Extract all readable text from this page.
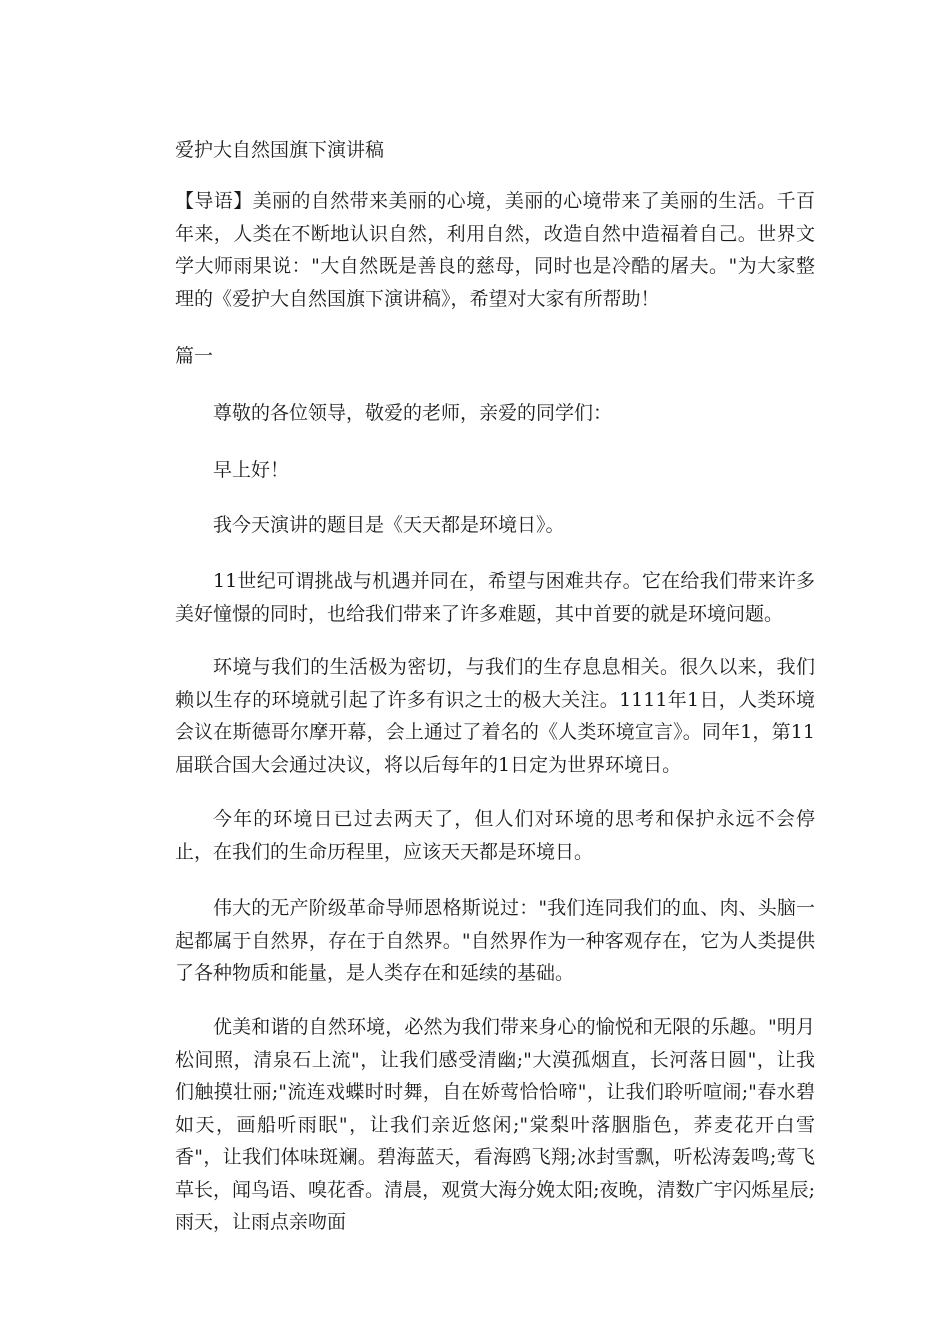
爱护大自然国旗下演讲稿

【导语】美丽的自然带来美丽的心境，美丽的心境带来了美丽的生活。千百年来，人类在不断地认识自然，利用自然，改造自然中造福着自己。世界文学大师雨果说："大自然既是善良的慈母，同时也是冷酷的屠夫。"为大家整理的《爱护大自然国旗下演讲稿》，希望对大家有所帮助！

篇一

尊敬的各位领导，敬爱的老师，亲爱的同学们：

早上好！

我今天演讲的题目是《天天都是环境日》。

11世纪可谓挑战与机遇并同在，希望与困难共存。它在给我们带来许多美好憧憬的同时，也给我们带来了许多难题，其中首要的就是环境问题。

环境与我们的生活极为密切，与我们的生存息息相关。很久以来，我们赖以生存的环境就引起了许多有识之士的极大关注。1111年1日，人类环境会议在斯德哥尔摩开幕，会上通过了着名的《人类环境宣言》。同年1，第11届联合国大会通过决议，将以后每年的1日定为世界环境日。

今年的环境日已过去两天了，但人们对环境的思考和保护永远不会停止，在我们的生命历程里，应该天天都是环境日。

伟大的无产阶级革命导师恩格斯说过："我们连同我们的血、肉、头脑一起都属于自然界，存在于自然界。"自然界作为一种客观存在，它为人类提供了各种物质和能量，是人类存在和延续的基础。

优美和谐的自然环境，必然为我们带来身心的愉悦和无限的乐趣。"明月松间照，清泉石上流"，让我们感受清幽;"大漠孤烟直，长河落日圆"，让我们触摸壮丽;"流连戏蝶时时舞，自在娇莺恰恰啼"，让我们聆听喧闹;"春水碧如天，画船听雨眠"，让我们亲近悠闲;"棠梨叶落胭脂色，荞麦花开白雪香"，让我们体味斑斓。碧海蓝天，看海鸥飞翔;冰封雪飘，听松涛轰鸣;莺飞草长，闻鸟语、嗅花香。清晨，观赏大海分娩太阳;夜晚，清数广宇闪烁星辰;雨天，让雨点亲吻面
